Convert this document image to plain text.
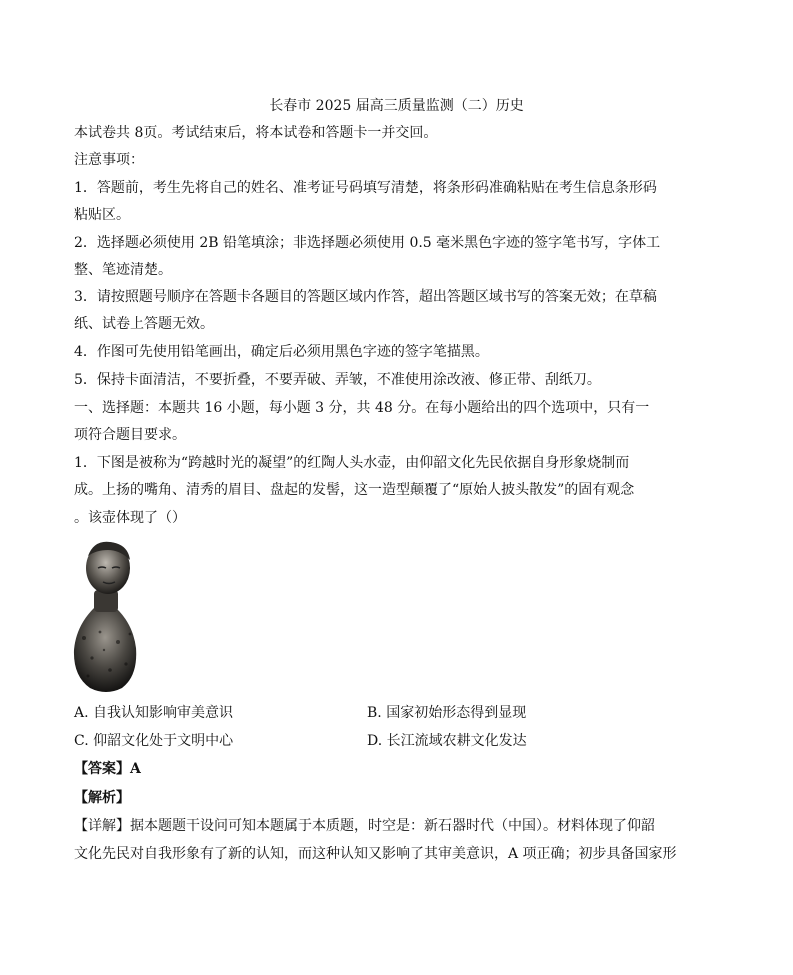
长春市 2025 届高三质量监测（二）历史
本试卷共 8页。考试结束后，将本试卷和答题卡一并交回。
注意事项：
1．答题前，考生先将自己的姓名、准考证号码填写清楚，将条形码准确粘贴在考生信息条形码
粘贴区。
2．选择题必须使用 2B 铅笔填涂；非选择题必须使用 0.5 毫米黑色字迹的签字笔书写，字体工
整、笔迹清楚。
3．请按照题号顺序在答题卡各题目的答题区域内作答，超出答题区域书写的答案无效；在草稿
纸、试卷上答题无效。
4．作图可先使用铅笔画出，确定后必须用黑色字迹的签字笔描黑。
5．保持卡面清洁，不要折叠，不要弄破、弄皱，不准使用涂改液、修正带、刮纸刀。
一、选择题：本题共 16 小题，每小题 3 分，共 48 分。在每小题给出的四个选项中，只有一
项符合题目要求。
1．下图是被称为“跨越时光的凝望”的红陶人头水壶，由仰韶文化先民依据自身形象烧制而
成。上扬的嘴角、清秀的眉目、盘起的发髻，这一造型颠覆了“原始人披头散发”的固有观念
。该壶体现了（）
A. 自我认知影响审美意识	B. 国家初始形态得到显现
C. 仰韶文化处于文明中心	D. 长江流域农耕文化发达
【答案】A
【解析】
【详解】据本题题干设问可知本题属于本质题，时空是：新石器时代（中国）。材料体现了仰韶
文化先民对自我形象有了新的认知，而这种认知又影响了其审美意识，A 项正确；初步具备国家形
